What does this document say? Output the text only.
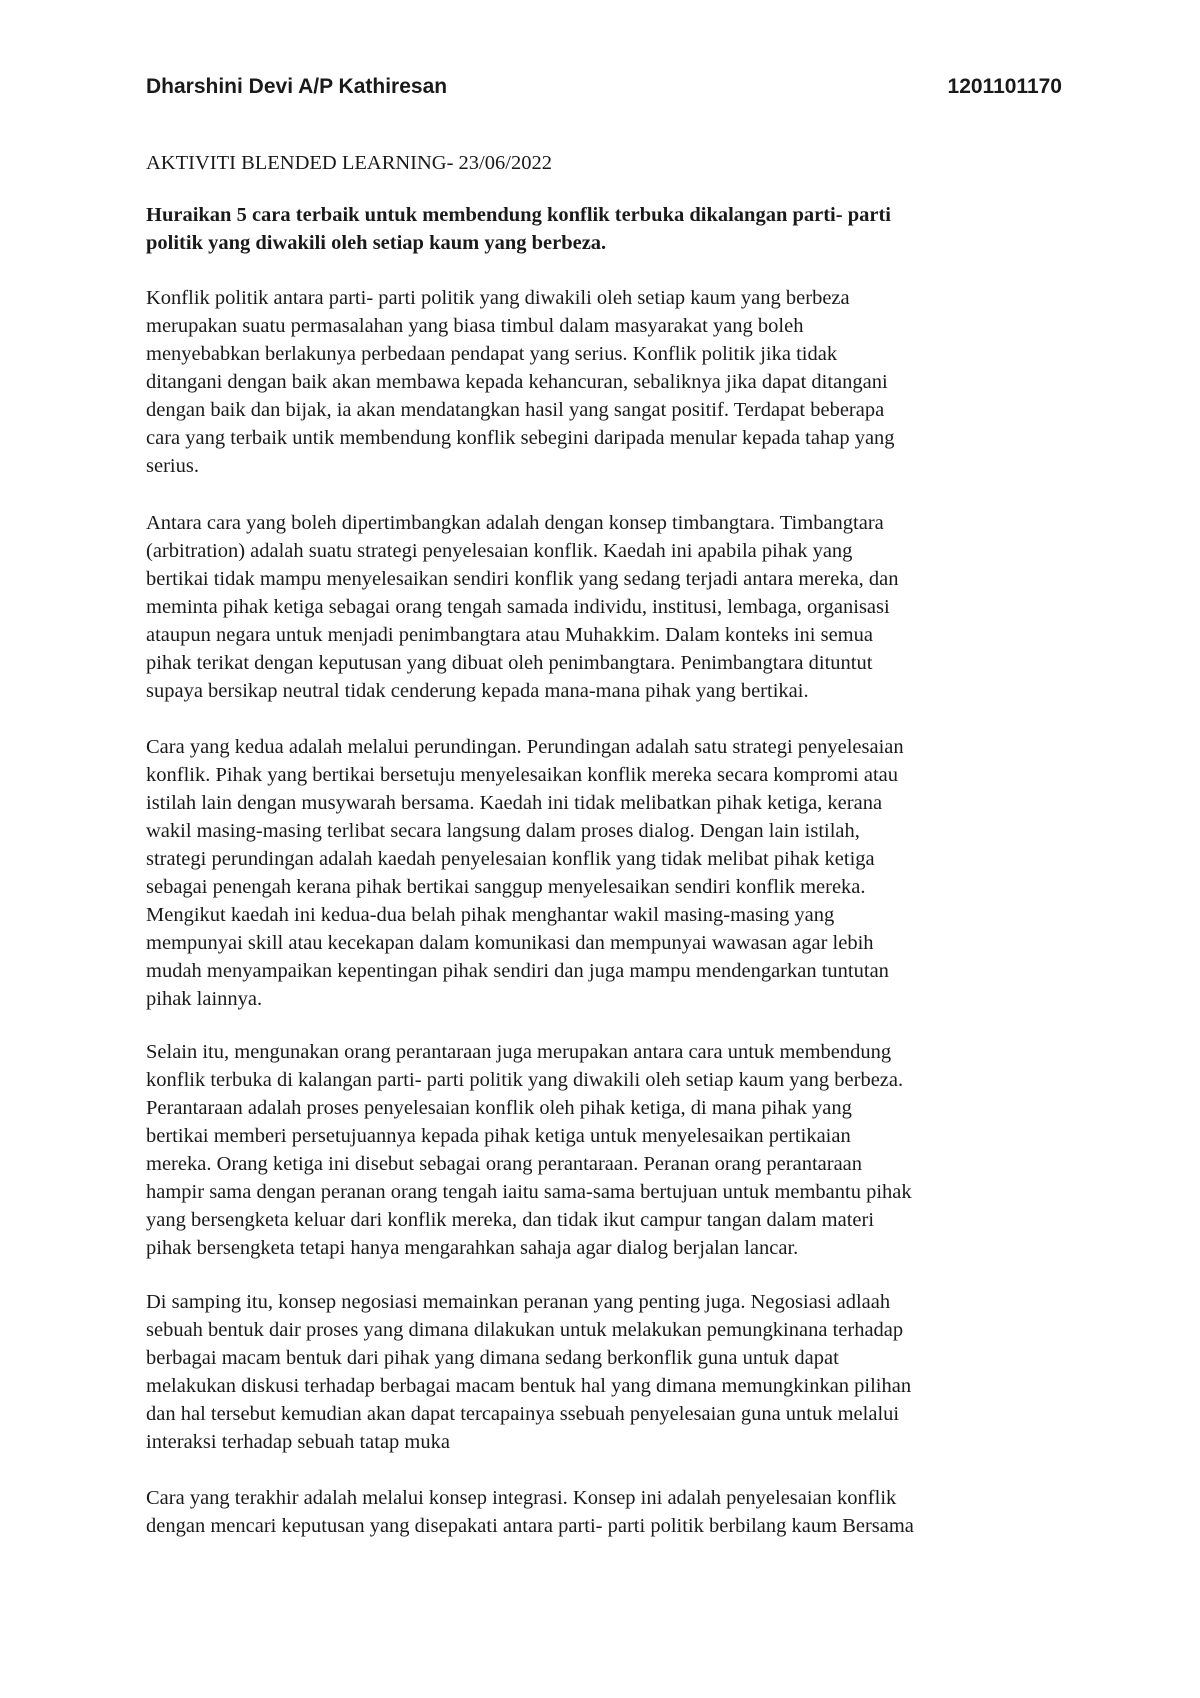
Dharshini Devi A/P Kathiresan	1201101170
AKTIVITI BLENDED LEARNING- 23/06/2022
Huraikan 5 cara terbaik untuk membendung konflik terbuka dikalangan parti- parti
politik yang diwakili oleh setiap kaum yang berbeza.
Konflik politik antara parti- parti politik yang diwakili oleh setiap kaum yang berbeza
merupakan suatu permasalahan yang biasa timbul dalam masyarakat yang boleh
menyebabkan berlakunya perbedaan pendapat yang serius. Konflik politik jika tidak
ditangani dengan baik akan membawa kepada kehancuran, sebaliknya jika dapat ditangani
dengan baik dan bijak, ia akan mendatangkan hasil yang sangat positif. Terdapat beberapa
cara yang terbaik untik membendung konflik sebegini daripada menular kepada tahap yang
serius.
Antara cara yang boleh dipertimbangkan adalah dengan konsep timbangtara. Timbangtara
(arbitration) adalah suatu strategi penyelesaian konflik. Kaedah ini apabila pihak yang
bertikai tidak mampu menyelesaikan sendiri konflik yang sedang terjadi antara mereka, dan
meminta pihak ketiga sebagai orang tengah samada individu, institusi, lembaga, organisasi
ataupun negara untuk menjadi penimbangtara atau Muhakkim. Dalam konteks ini semua
pihak terikat dengan keputusan yang dibuat oleh penimbangtara. Penimbangtara dituntut
supaya bersikap neutral tidak cenderung kepada mana-mana pihak yang bertikai.
Cara yang kedua adalah melalui perundingan. Perundingan adalah satu strategi penyelesaian
konflik. Pihak yang bertikai bersetuju menyelesaikan konflik mereka secara kompromi atau
istilah lain dengan musywarah bersama. Kaedah ini tidak melibatkan pihak ketiga, kerana
wakil masing-masing terlibat secara langsung dalam proses dialog. Dengan lain istilah,
strategi perundingan adalah kaedah penyelesaian konflik yang tidak melibat pihak ketiga
sebagai penengah kerana pihak bertikai sanggup menyelesaikan sendiri konflik mereka.
Mengikut kaedah ini kedua-dua belah pihak menghantar wakil masing-masing yang
mempunyai skill atau kecekapan dalam komunikasi dan mempunyai wawasan agar lebih
mudah menyampaikan kepentingan pihak sendiri dan juga mampu mendengarkan tuntutan
pihak lainnya.
Selain itu, mengunakan orang perantaraan juga merupakan antara cara untuk membendung
konflik terbuka di kalangan parti- parti politik yang diwakili oleh setiap kaum yang berbeza.
Perantaraan adalah proses penyelesaian konflik oleh pihak ketiga, di mana pihak yang
bertikai memberi persetujuannya kepada pihak ketiga untuk menyelesaikan pertikaian
mereka. Orang ketiga ini disebut sebagai orang perantaraan. Peranan orang perantaraan
hampir sama dengan peranan orang tengah iaitu sama-sama bertujuan untuk membantu pihak
yang bersengketa keluar dari konflik mereka, dan tidak ikut campur tangan dalam materi
pihak bersengketa tetapi hanya mengarahkan sahaja agar dialog berjalan lancar.
Di samping itu, konsep negosiasi memainkan peranan yang penting juga. Negosiasi adlaah
sebuah bentuk dair proses yang dimana dilakukan untuk melakukan pemungkinana terhadap
berbagai macam bentuk dari pihak yang dimana sedang berkonflik guna untuk dapat
melakukan diskusi terhadap berbagai macam bentuk hal yang dimana memungkinkan pilihan
dan hal tersebut kemudian akan dapat tercapainya ssebuah penyelesaian guna untuk melalui
interaksi terhadap sebuah tatap muka
Cara yang terakhir adalah melalui konsep integrasi. Konsep ini adalah penyelesaian konflik
dengan mencari keputusan yang disepakati antara parti- parti politik berbilang kaum Bersama
